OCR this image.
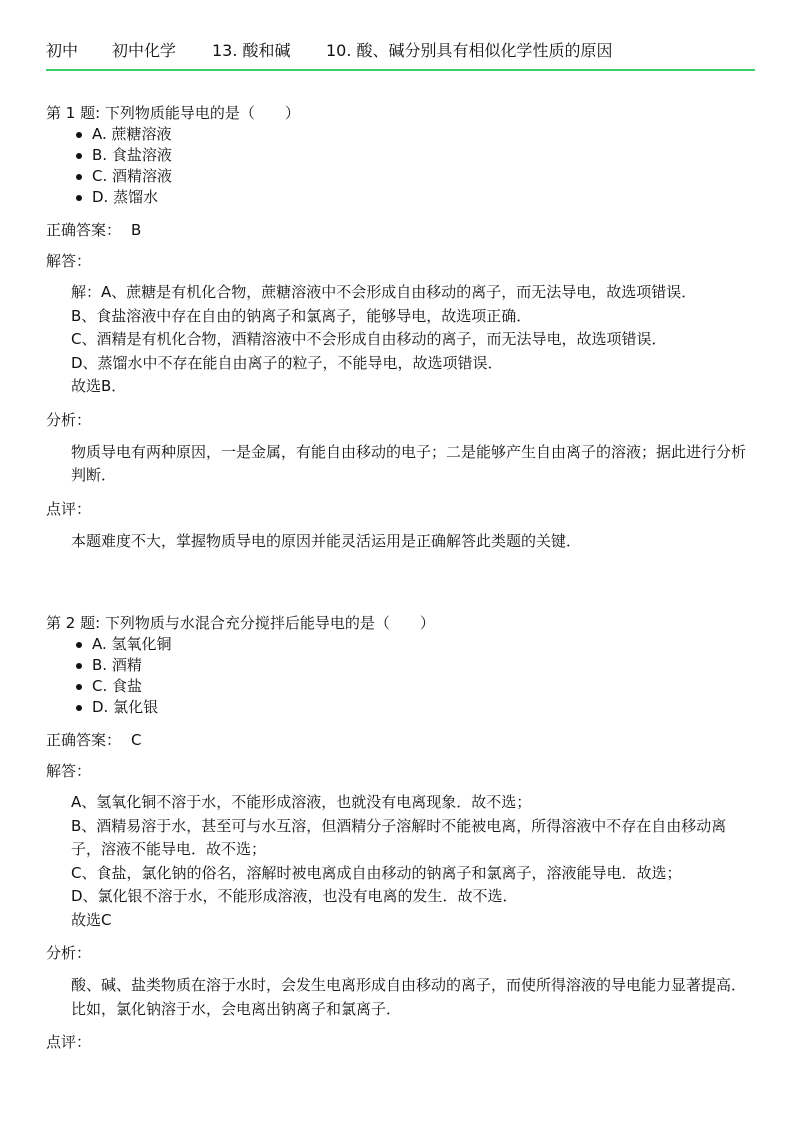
初中 初中化学 13. 酸和碱 10. 酸、碱分别具有相似化学性质的原因
第 1 题: 下列物质能导电的是（　　）
A. 蔗糖溶液
B. 食盐溶液
C. 酒精溶液
D. 蒸馏水
正确答案： B
解答：

解：A、蔗糖是有机化合物，蔗糖溶液中不会形成自由移动的离子，而无法导电，故选项错误．

B、食盐溶液中存在自由的钠离子和氯离子，能够导电，故选项正确．

C、酒精是有机化合物，酒精溶液中不会形成自由移动的离子，而无法导电，故选项错误．

D、蒸馏水中不存在能自由离子的粒子，不能导电，故选项错误．

故选B．

分析：

物质导电有两种原因，一是金属，有能自由移动的电子；二是能够产生自由离子的溶液；据此进行分析判断．

点评：

本题难度不大，掌握物质导电的原因并能灵活运用是正确解答此类题的关键．

第 2 题: 下列物质与水混合充分搅拌后能导电的是（　　）
A. 氢氧化铜
B. 酒精
C. 食盐
D. 氯化银
正确答案： C
解答：

A、氢氧化铜不溶于水，不能形成溶液，也就没有电离现象．故不选；

B、酒精易溶于水，甚至可与水互溶，但酒精分子溶解时不能被电离，所得溶液中不存在自由移动离子，溶液不能导电．故不选；

C、食盐，氯化钠的俗名，溶解时被电离成自由移动的钠离子和氯离子，溶液能导电．故选；

D、氯化银不溶于水，不能形成溶液，也没有电离的发生．故不选．

故选C

分析：

酸、碱、盐类物质在溶于水时，会发生电离形成自由移动的离子，而使所得溶液的导电能力显著提高．比如，氯化钠溶于水，会电离出钠离子和氯离子．

点评：
